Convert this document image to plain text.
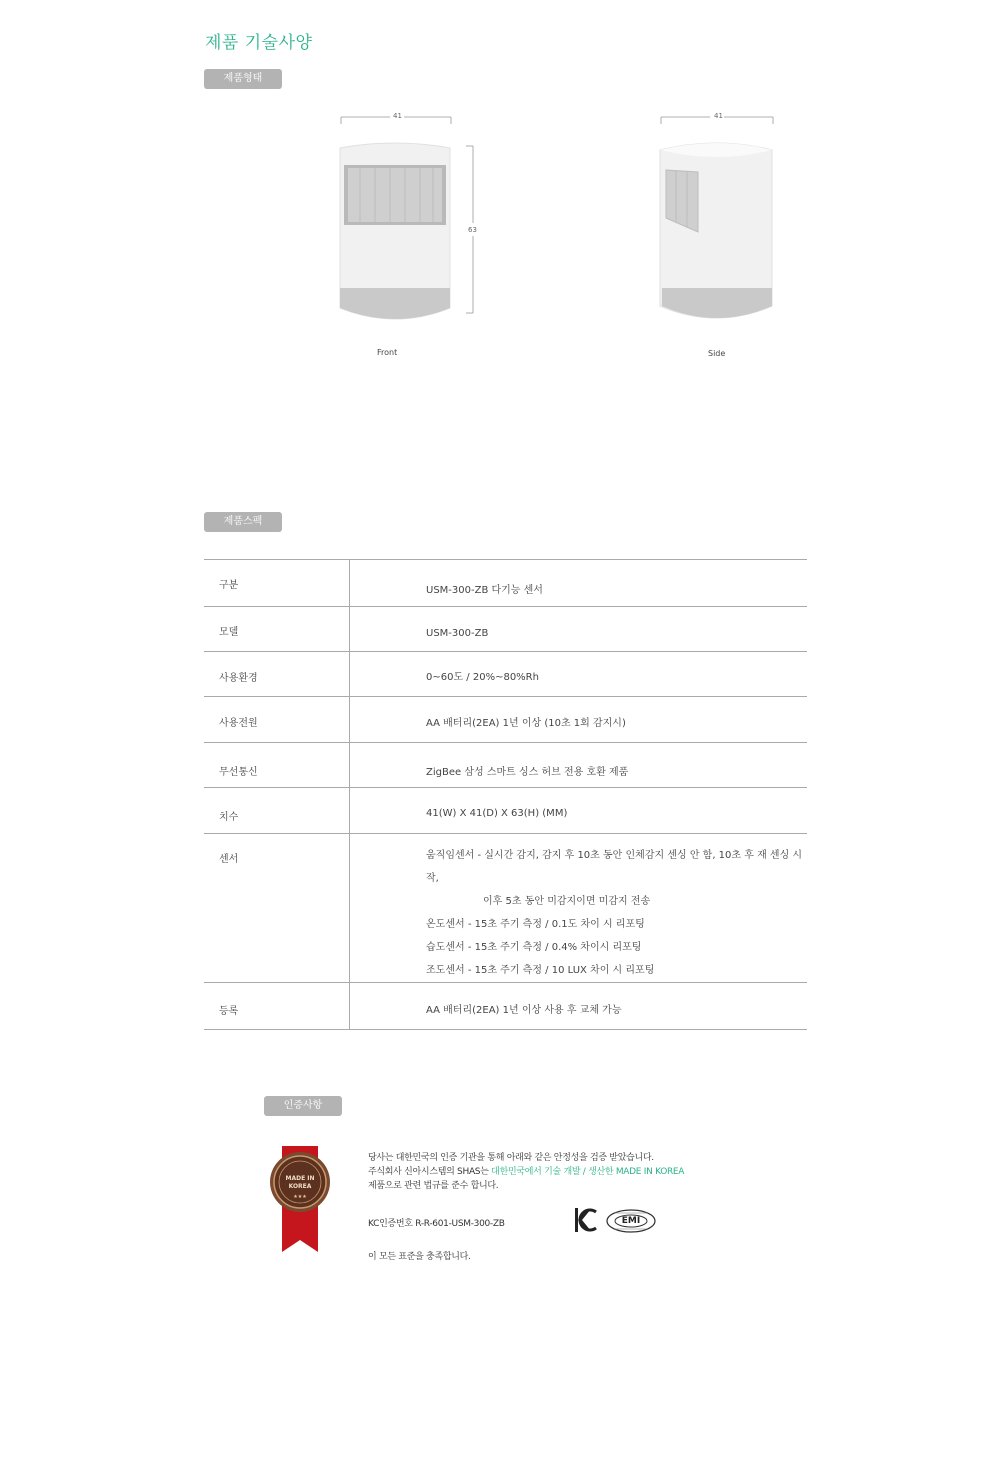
제품 기술사양
제품형태
41
63
Front
41
Side
제품스펙
구분	USM-300-ZB 다기능 센서
모델	USM-300-ZB
사용환경	0~60도 / 20%~80%Rh
사용전원	AA 배터리(2EA) 1년 이상 (10초 1회 감지시)
무선통신	ZigBee 삼성 스마트 싱스 허브 전용 호환 제품
치수	41(W) X 41(D) X 63(H) (MM)
센서	움직임센서 - 실시간 감지, 감지 후 10초 동안 인체감지 센싱 안 함, 10초 후 재 센싱 시작,
이후 5초 동안 미감지이면 미감지 전송
온도센서 - 15초 주기 측정 / 0.1도 차이 시 리포팅
습도센서 - 15초 주기 측정 / 0.4% 차이시 리포팅
조도센서 - 15초 주기 측정 / 10 LUX 차이 시 리포팅

등록	AA 배터리(2EA) 1년 이상 사용 후 교체 가능
인증사항
★★★
MADE IN
KOREA
당사는 대한민국의 인증 기관을 통해 아래와 같은 안정성을 검증 받았습니다.
주식회사 신아시스템의 SHAS는 대한민국에서 기술 개발 / 생산한 MADE IN KOREA
제품으로 관련 법규를 준수 합니다.
KC인증번호 R-R-601-USM-300-ZB
이 모든 표준을 충족합니다.
EMI
